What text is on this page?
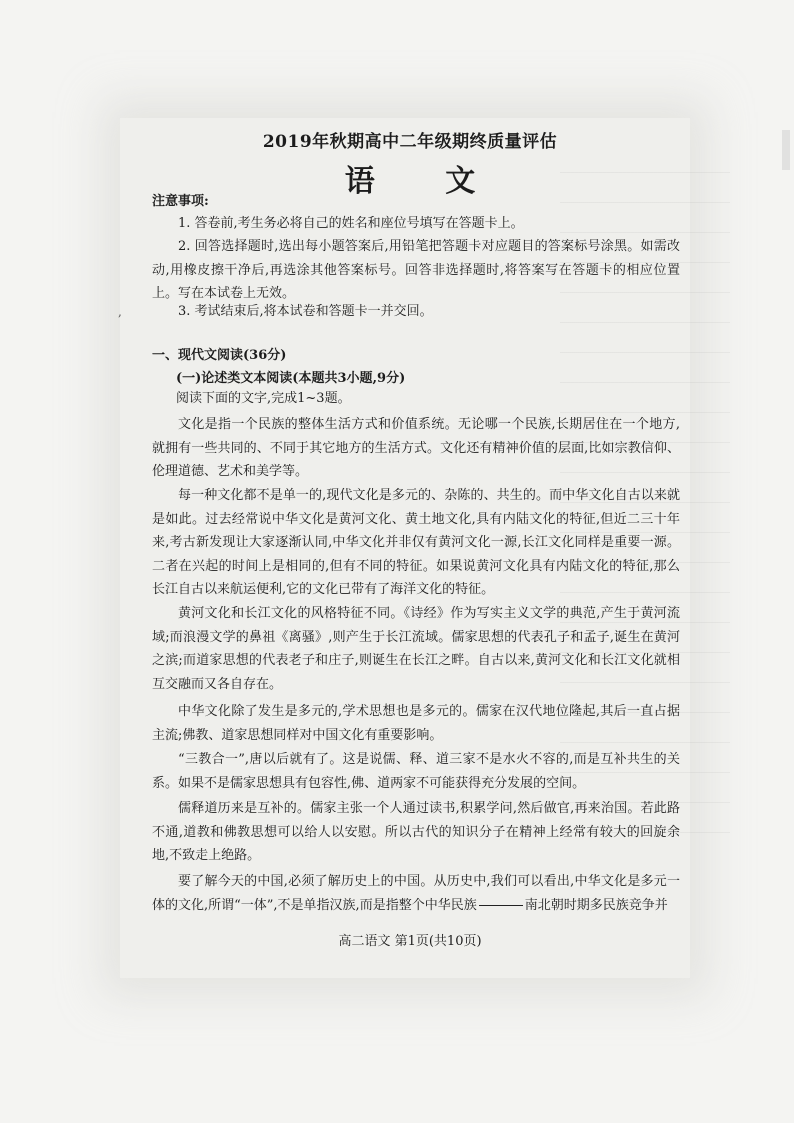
,
2019年秋期高中二年级期终质量评估
语 文
注意事项:
1. 答卷前,考生务必将自己的姓名和座位号填写在答题卡上。
2. 回答选择题时,选出每小题答案后,用铅笔把答题卡对应题目的答案标号涂黑。如需改动,用橡皮擦干净后,再选涂其他答案标号。回答非选择题时,将答案写在答题卡的相应位置上。写在本试卷上无效。
3. 考试结束后,将本试卷和答题卡一并交回。
一、现代文阅读(36分)
(一)论述类文本阅读(本题共3小题,9分)
阅读下面的文字,完成1~3题。
文化是指一个民族的整体生活方式和价值系统。无论哪一个民族,长期居住在一个地方,就拥有一些共同的、不同于其它地方的生活方式。文化还有精神价值的层面,比如宗教信仰、伦理道德、艺术和美学等。
每一种文化都不是单一的,现代文化是多元的、杂陈的、共生的。而中华文化自古以来就是如此。过去经常说中华文化是黄河文化、黄土地文化,具有内陆文化的特征,但近二三十年来,考古新发现让大家逐渐认同,中华文化并非仅有黄河文化一源,长江文化同样是重要一源。二者在兴起的时间上是相同的,但有不同的特征。如果说黄河文化具有内陆文化的特征,那么长江自古以来航运便利,它的文化已带有了海洋文化的特征。
黄河文化和长江文化的风格特征不同。《诗经》作为写实主义文学的典范,产生于黄河流域;而浪漫文学的鼻祖《离骚》,则产生于长江流域。儒家思想的代表孔子和孟子,诞生在黄河之滨;而道家思想的代表老子和庄子,则诞生在长江之畔。自古以来,黄河文化和长江文化就相互交融而又各自存在。
中华文化除了发生是多元的,学术思想也是多元的。儒家在汉代地位隆起,其后一直占据主流;佛教、道家思想同样对中国文化有重要影响。
“三教合一”,唐以后就有了。这是说儒、释、道三家不是水火不容的,而是互补共生的关系。如果不是儒家思想具有包容性,佛、道两家不可能获得充分发展的空间。
儒释道历来是互补的。儒家主张一个人通过读书,积累学问,然后做官,再来治国。若此路不通,道教和佛教思想可以给人以安慰。所以古代的知识分子在精神上经常有较大的回旋余地,不致走上绝路。
要了解今天的中国,必须了解历史上的中国。从历史中,我们可以看出,中华文化是多元一体的文化,所谓“一体”,不是单指汉族,而是指整个中华民族	南北朝时期多民族竞争并
高二语文 第1页(共10页)
